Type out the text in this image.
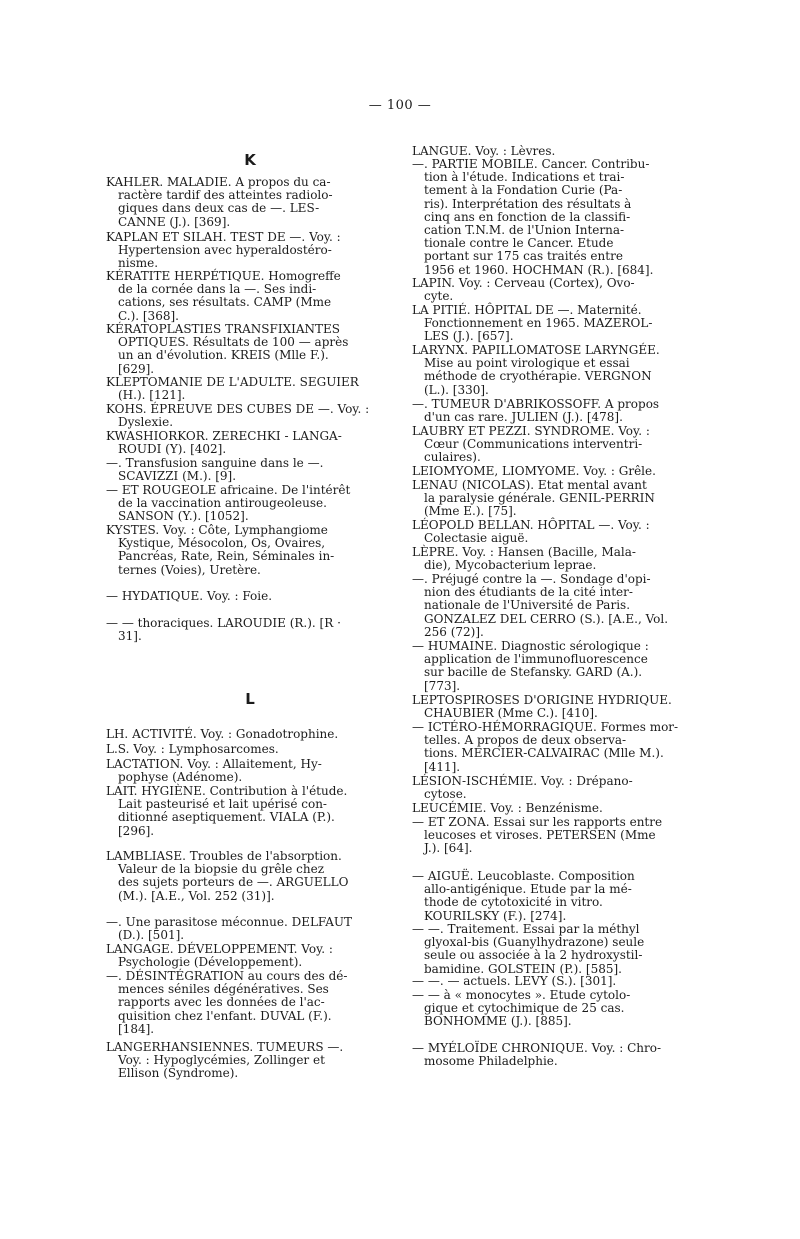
— 100 —
K
L
KAHLER. MALADIE. A propos du ca-
ractère tardif des atteintes radiolo-
giques dans deux cas de —. LES-
CANNE (J.). [369].
KAPLAN ET SILAH. TEST DE —. Voy. :
Hypertension avec hyperaldostéro-
nisme.
KÉRATITE HERPÉTIQUE. Homogreffe
de la cornée dans la —. Ses indi-
cations, ses résultats. CAMP (Mme
C.). [368].
KÉRATOPLASTIES TRANSFIXIANTES
OPTIQUES. Résultats de 100 — après
un an d'évolution. KREIS (Mlle F.).
[629].
KLEPTOMANIE DE L'ADULTE. SEGUIER
(H.). [121].
KOHS. ÉPREUVE DES CUBES DE —. Voy. :
Dyslexie.
KWASHIORKOR. ZERECHKI - LANGA-
ROUDI (Y). [402].
—. Transfusion sanguine dans le —.
SCAVIZZI (M.). [9].
— ET ROUGEOLE africaine. De l'intérêt
de la vaccination antirougeoleuse.
SANSON (Y.). [1052].
KYSTES. Voy. : Côte, Lymphangiome
Kystique, Mésocolon, Os, Ovaires,
Pancréas, Rate, Rein, Séminales in-
ternes (Voies), Uretère.
— HYDATIQUE. Voy. : Foie.
— — thoraciques. LAROUDIE (R.). [R ·
31].
LH. ACTIVITÉ. Voy. : Gonadotrophine.
L.S. Voy. : Lymphosarcomes.
LACTATION. Voy. : Allaitement, Hy-
pophyse (Adénome).
LAIT. HYGIÈNE. Contribution à l'étude.
Lait pasteurisé et lait upérisé con-
ditionné aseptiquement. VIALA (P.).
[296].
LAMBLIASE. Troubles de l'absorption.
Valeur de la biopsie du grêle chez
des sujets porteurs de —. ARGUELLO
(M.). [A.E., Vol. 252 (31)].
—. Une parasitose méconnue. DELFAUT
(D.). [501].
LANGAGE. DÉVELOPPEMENT. Voy. :
Psychologie (Développement).
—. DÉSINTÉGRATION au cours des dé-
mences séniles dégénératives. Ses
rapports avec les données de l'ac-
quisition chez l'enfant. DUVAL (F.).
[184].
LANGERHANSIENNES. TUMEURS —.
Voy. : Hypoglycémies, Zollinger et
Ellison (Syndrome).
LANGUE. Voy. : Lèvres.
—. PARTIE MOBILE. Cancer. Contribu-
tion à l'étude. Indications et trai-
tement à la Fondation Curie (Pa-
ris). Interprétation des résultats à
cinq ans en fonction de la classifi-
cation T.N.M. de l'Union Interna-
tionale contre le Cancer. Etude
portant sur 175 cas traités entre
1956 et 1960. HOCHMAN (R.). [684].
LAPIN. Voy. : Cerveau (Cortex), Ovo-
cyte.
LA PITIÉ. HÔPITAL DE —. Maternité.
Fonctionnement en 1965. MAZEROL-
LES (J.). [657].
LARYNX. PAPILLOMATOSE LARYNGÉE.
Mise au point virologique et essai
méthode de cryothérapie. VERGNON
(L.). [330].
—. TUMEUR D'ABRIKOSSOFF. A propos
d'un cas rare. JULIEN (J.). [478].
LAUBRY ET PEZZI. SYNDROME. Voy. :
Cœur (Communications interventri-
culaires).
LEIOMYOME, LIOMYOME. Voy. : Grêle.
LENAU (NICOLAS). Etat mental avant
la paralysie générale. GENIL-PERRIN
(Mme E.). [75].
LÉOPOLD BELLAN. HÔPITAL —. Voy. :
Colectasie aiguë.
LÈPRE. Voy. : Hansen (Bacille, Mala-
die), Mycobacterium leprae.
—. Préjugé contre la —. Sondage d'opi-
nion des étudiants de la cité inter-
nationale de l'Université de Paris.
GONZALEZ DEL CERRO (S.). [A.E., Vol.
256 (72)].
— HUMAINE. Diagnostic sérologique :
application de l'immunofluorescence
sur bacille de Stefansky. GARD (A.).
[773].
LEPTOSPIROSES D'ORIGINE HYDRIQUE.
CHAUBIER (Mme C.). [410].
— ICTÉRO-HÉMORRAGIQUE. Formes mor-
telles. A propos de deux observa-
tions. MERCIER-CALVAIRAC (Mlle M.).
[411].
LÉSION-ISCHÉMIE. Voy. : Drépano-
cytose.
LEUCÉMIE. Voy. : Benzénisme.
— ET ZONA. Essai sur les rapports entre
leucoses et viroses. PETERSEN (Mme
J.). [64].
— AIGUË. Leucoblaste. Composition
allo-antigénique. Etude par la mé-
thode de cytotoxicité in vitro.
KOURILSKY (F.). [274].
— —. Traitement. Essai par la méthyl
glyoxal-bis (Guanylhydrazone) seule
seule ou associée à la 2 hydroxystil-
bamidine. GOLSTEIN (P.). [585].
— —. — actuels. LEVY (S.). [301].
— — à « monocytes ». Etude cytolo-
gique et cytochimique de 25 cas.
BONHOMME (J.). [885].
— MYÉLOÏDE CHRONIQUE. Voy. : Chro-
mosome Philadelphie.
